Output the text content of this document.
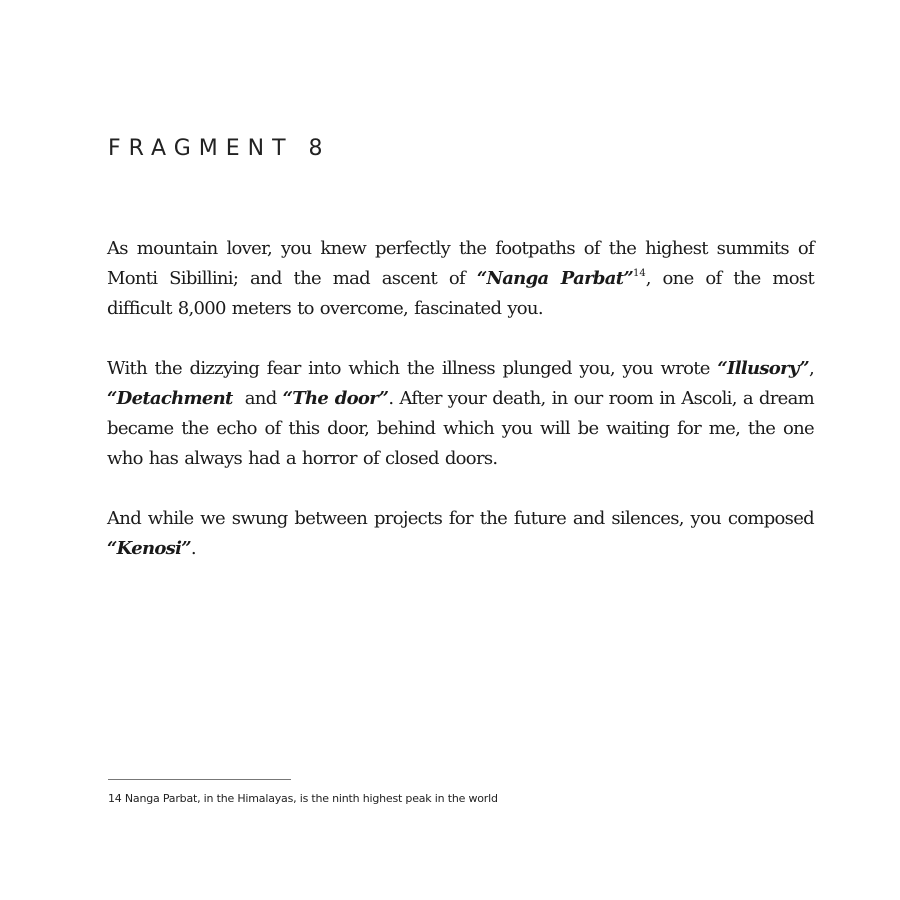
FRAGMENT 8

As mountain lover, you knew perfectly the footpaths of the highest summits of Monti Sibillini; and the mad ascent of “Nanga Parbat”$^{14}$, one of the most difficult 8,000 meters to overcome, fascinated you.

With the dizzying fear into which the illness plunged you, you wrote “Illusory”, “Detachment  and “The door”. After your death, in our room in Ascoli, a dream became the echo of this door, behind which you will be waiting for me, the one who has always had a horror of closed doors.

And while we swung between projects for the future and silences, you composed “Kenosi”.

14 Nanga Parbat, in the Himalayas, is the ninth highest peak in the world
